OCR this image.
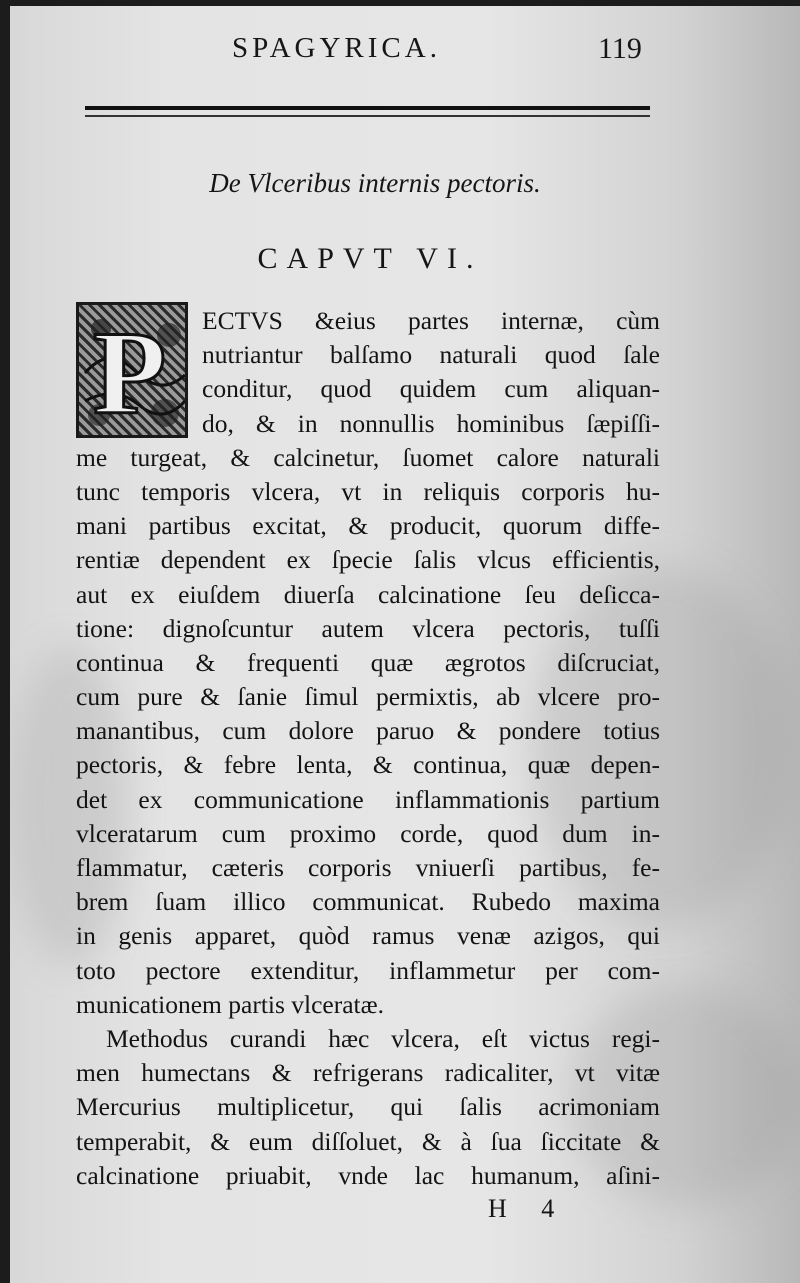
SPAGYRICA.	119
De Vlceribus internis pectoris.
CAPVT VI.
P ECTVS &eius partes internæ, cùm
nutriantur balſamo naturali quod ſale
conditur, quod quidem cum aliquan-
do, & in nonnullis hominibus ſæpiſſi-
me turgeat, & calcinetur, ſuomet calore naturali
tunc temporis vlcera, vt in reliquis corporis hu-
mani partibus excitat, & producit, quorum diffe-
rentiæ dependent ex ſpecie ſalis vlcus efficientis,
aut ex eiuſdem diuerſa calcinatione ſeu deſicca-
tione: dignoſcuntur autem vlcera pectoris, tuſſi
continua & frequenti quæ ægrotos diſcruciat,
cum pure & ſanie ſimul permixtis, ab vlcere pro-
manantibus, cum dolore paruo & pondere totius
pectoris, & febre lenta, & continua, quæ depen-
det ex communicatione inflammationis partium
vlceratarum cum proximo corde, quod dum in-
flammatur, cæteris corporis vniuerſi partibus, fe-
brem ſuam illico communicat. Rubedo maxima
in genis apparet, quòd ramus venæ azigos, qui
toto pectore extenditur, inflammetur per com-
municationem partis vlceratæ.
Methodus curandi hæc vlcera, eſt victus regi-
men humectans & refrigerans radicaliter, vt vitæ
Mercurius multiplicetur, qui ſalis acrimoniam
temperabit, & eum diſſoluet, & à ſua ſiccitate &
calcinatione priuabit, vnde lac humanum, aſini-
H 4
